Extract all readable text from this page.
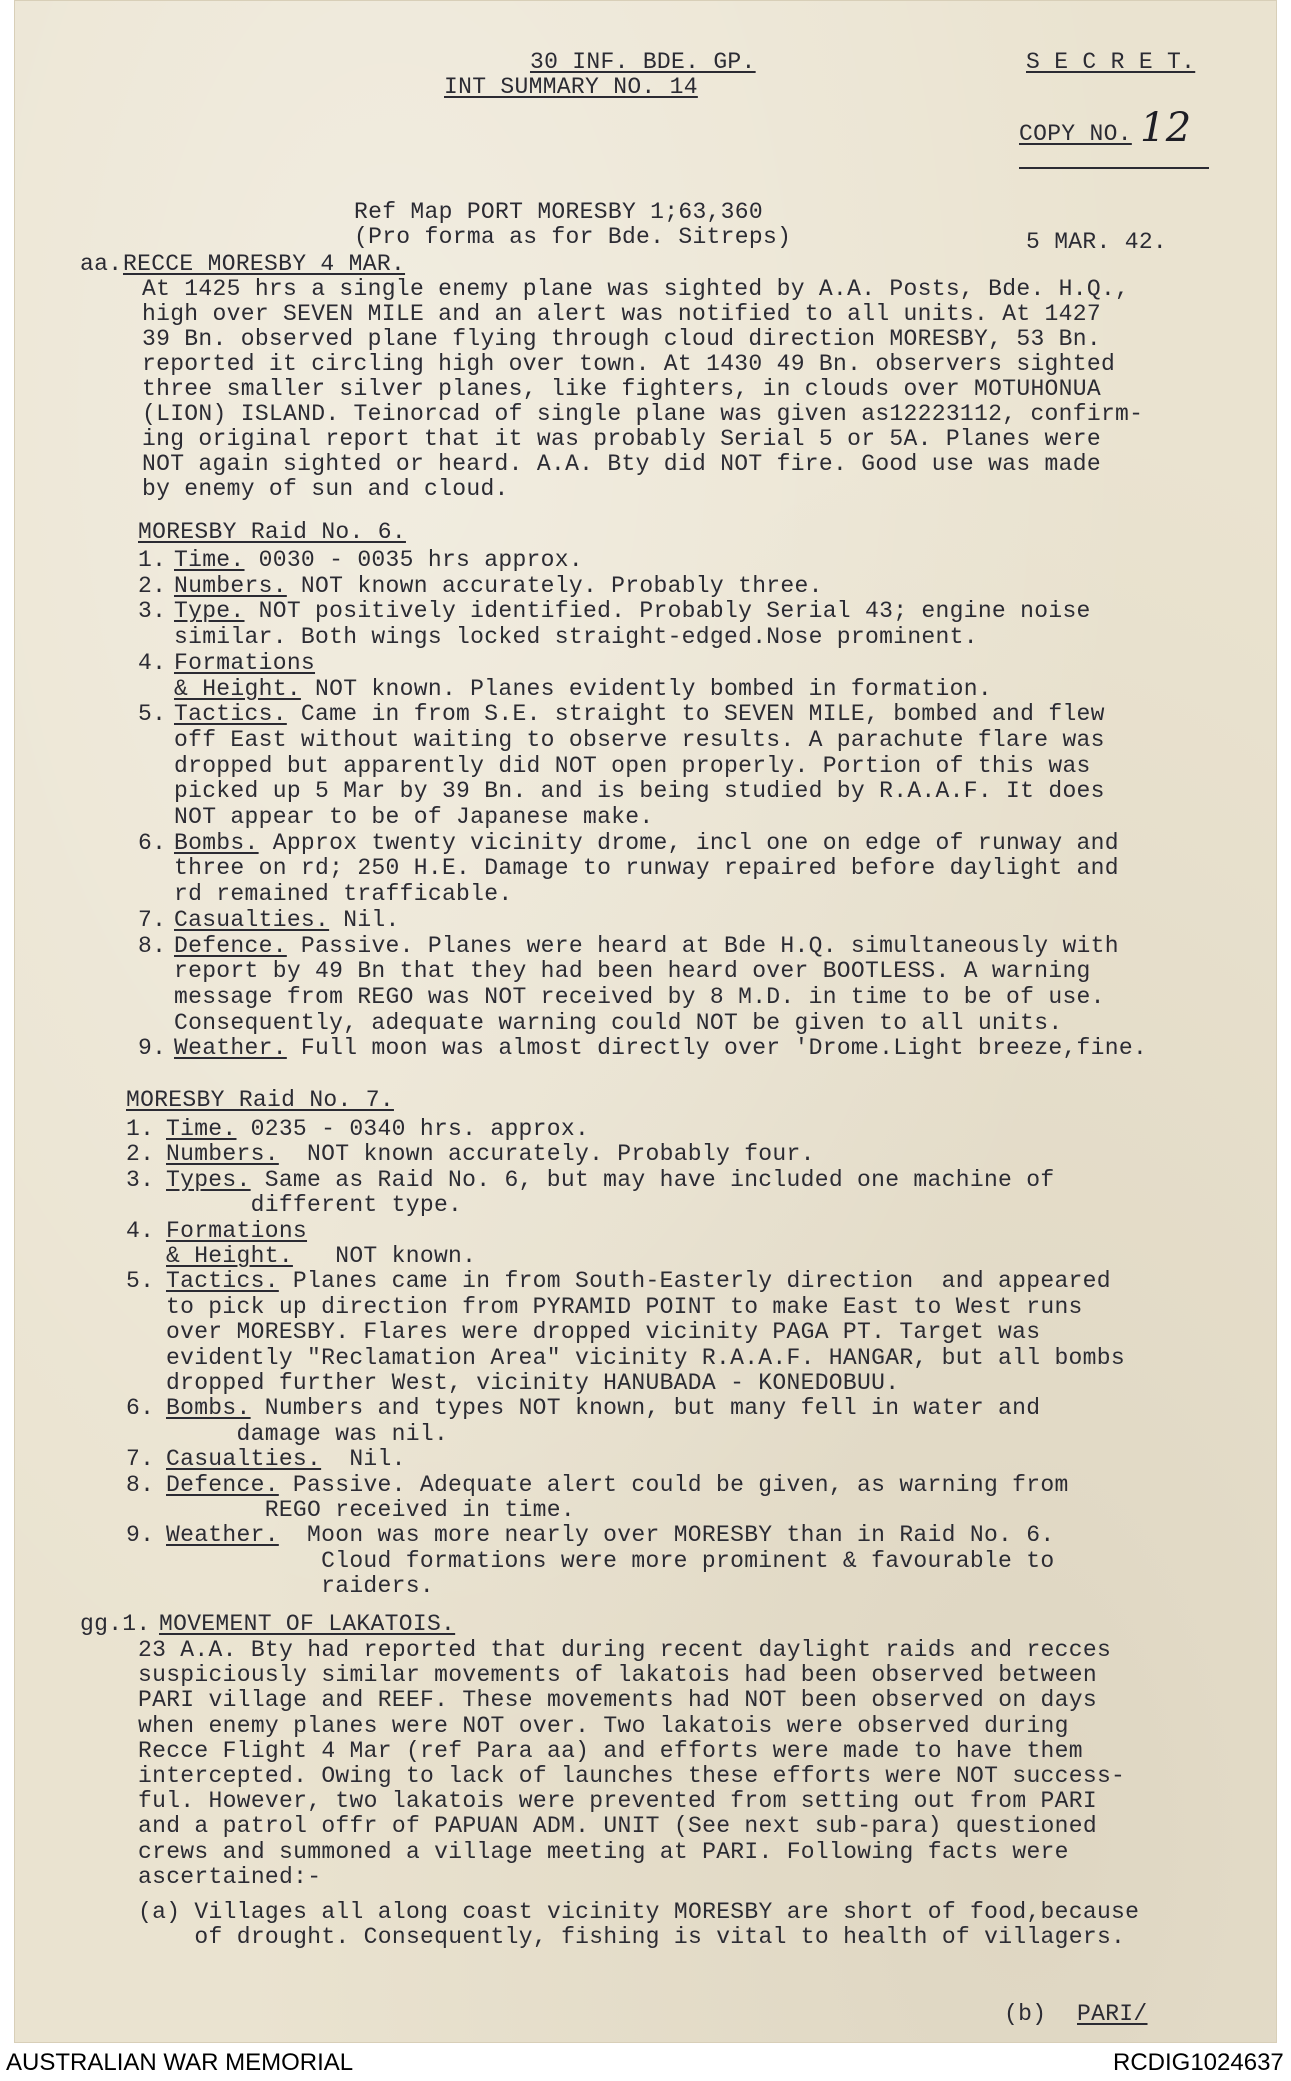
30 INF. BDE. GP.	S E C R E T.

INT SUMMARY NO. 14

COPY NO. 12

Ref Map PORT MORESBY 1;63,360

(Pro forma as for Bde. Sitreps)	5 MAR. 42.

aa. RECCE MORESBY 4 MAR.

At 1425 hrs a single enemy plane was sighted by A.A. Posts, Bde. H.Q.,

high over SEVEN MILE and an alert was notified to all units. At 1427

39 Bn. observed plane flying through cloud direction MORESBY, 53 Bn.

reported it circling high over town. At 1430 49 Bn. observers sighted

three smaller silver planes, like fighters, in clouds over MOTUHONUA

(LION) ISLAND. Teinorcad of single plane was given as12223112, confirm-

ing original report that it was probably Serial 5 or 5A. Planes were

NOT again sighted or heard. A.A. Bty did NOT fire. Good use was made

by enemy of sun and cloud.

MORESBY Raid No. 6.

1. Time. 0030 - 0035 hrs approx.

2. Numbers. NOT known accurately. Probably three.

3. Type. NOT positively identified. Probably Serial 43; engine noise

similar. Both wings locked straight-edged.Nose prominent.

4. Formations

& Height. NOT known. Planes evidently bombed in formation.

5. Tactics. Came in from S.E. straight to SEVEN MILE, bombed and flew

off East without waiting to observe results. A parachute flare was

dropped but apparently did NOT open properly. Portion of this was

picked up 5 Mar by 39 Bn. and is being studied by R.A.A.F. It does

NOT appear to be of Japanese make.

6. Bombs. Approx twenty vicinity drome, incl one on edge of runway and

three on rd; 250 H.E. Damage to runway repaired before daylight and

rd remained trafficable.

7. Casualties. Nil.

8. Defence. Passive. Planes were heard at Bde H.Q. simultaneously with

report by 49 Bn that they had been heard over BOOTLESS. A warning

message from REGO was NOT received by 8 M.D. in time to be of use.

Consequently, adequate warning could NOT be given to all units.

9. Weather. Full moon was almost directly over 'Drome.Light breeze,fine.

MORESBY Raid No. 7.

1. Time. 0235 - 0340 hrs. approx.

2. Numbers.  NOT known accurately. Probably four.

3. Types. Same as Raid No. 6, but may have included one machine of

different type.

4. Formations

& Height.   NOT known.

5. Tactics. Planes came in from South-Easterly direction  and appeared

to pick up direction from PYRAMID POINT to make East to West runs

over MORESBY. Flares were dropped vicinity PAGA PT. Target was

evidently "Reclamation Area" vicinity R.A.A.F. HANGAR, but all bombs

dropped further West, vicinity HANUBADA - KONEDOBUU.

6. Bombs. Numbers and types NOT known, but many fell in water and

damage was nil.

7. Casualties.  Nil.

8. Defence. Passive. Adequate alert could be given, as warning from

REGO received in time.

9. Weather.  Moon was more nearly over MORESBY than in Raid No. 6.

Cloud formations were more prominent & favourable to

raiders.

gg.1. MOVEMENT OF LAKATOIS.

23 A.A. Bty had reported that during recent daylight raids and recces

suspiciously similar movements of lakatois had been observed between

PARI village and REEF. These movements had NOT been observed on days

when enemy planes were NOT over. Two lakatois were observed during

Recce Flight 4 Mar (ref Para aa) and efforts were made to have them

intercepted. Owing to lack of launches these efforts were NOT success-

ful. However, two lakatois were prevented from setting out from PARI

and a patrol offr of PAPUAN ADM. UNIT (See next sub-para) questioned

crews and summoned a village meeting at PARI. Following facts were

ascertained:-

(a) Villages all along coast vicinity MORESBY are short of food,because

of drought. Consequently, fishing is vital to health of villagers.

(b) PARI/

AUSTRALIAN WAR MEMORIAL	RCDIG1024637
